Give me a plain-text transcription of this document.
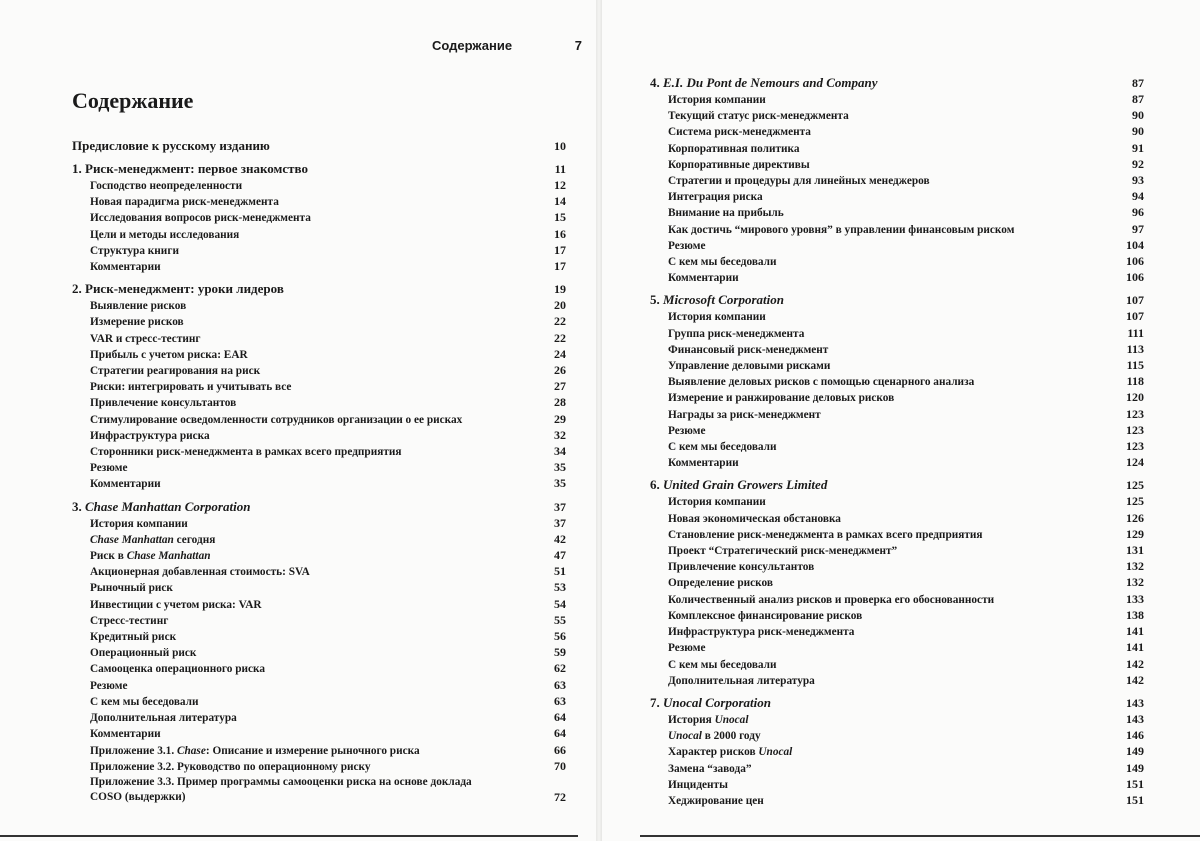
Содержание
Предисловие к русскому изданию	10
1. Риск-менеджмент: первое знакомство	11
Господство неопределенности	12
Новая парадигма риск-менеджмента	14
Исследования вопросов риск-менеджмента	15
Цели и методы исследования	16
Структура книги	17
Комментарии	17
2. Риск-менеджмент: уроки лидеров	19
Выявление рисков	20
Измерение рисков	22
VAR и стресс-тестинг	22
Прибыль с учетом риска: EAR	24
Стратегии реагирования на риск	26
Риски: интегрировать и учитывать все	27
Привлечение консультантов	28
Стимулирование осведомленности сотрудников организации о ее рисках	29
Инфраструктура риска	32
Сторонники риск-менеджмента в рамках всего предприятия	34
Резюме	35
Комментарии	35
3. Chase Manhattan Corporation	37
История компании	37
Chase Manhattan сегодня	42
Риск в Chase Manhattan	47
Акционерная добавленная стоимость: SVA	51
Рыночный риск	53
Инвестиции с учетом риска: VAR	54
Стресс-тестинг	55
Кредитный риск	56
Операционный риск	59
Самооценка операционного риска	62
Резюме	63
С кем мы беседовали	63
Дополнительная литература	64
Комментарии	64
Приложение 3.1. Chase: Описание и измерение рыночного риска	66
Приложение 3.2. Руководство по операционному риску	70
Приложение 3.3. Пример программы самооценки риска на основе доклада COSO (выдержки)	72
Содержание	7
4. E.I. Du Pont de Nemours and Company	87
История компании	87
Текущий статус риск-менеджмента	90
Система риск-менеджмента	90
Корпоративная политика	91
Корпоративные директивы	92
Стратегии и процедуры для линейных менеджеров	93
Интеграция риска	94
Внимание на прибыль	96
Как достичь “мирового уровня” в управлении финансовым риском	97
Резюме	104
С кем мы беседовали	106
Комментарии	106
5. Microsoft Corporation	107
История компании	107
Группа риск-менеджмента	111
Финансовый риск-менеджмент	113
Управление деловыми рисками	115
Выявление деловых рисков с помощью сценарного анализа	118
Измерение и ранжирование деловых рисков	120
Награды за риск-менеджмент	123
Резюме	123
С кем мы беседовали	123
Комментарии	124
6. United Grain Growers Limited	125
История компании	125
Новая экономическая обстановка	126
Становление риск-менеджмента в рамках всего предприятия	129
Проект “Стратегический риск-менеджмент”	131
Привлечение консультантов	132
Определение рисков	132
Количественный анализ рисков и проверка его обоснованности	133
Комплексное финансирование рисков	138
Инфраструктура риск-менеджмента	141
Резюме	141
С кем мы беседовали	142
Дополнительная литература	142
7. Unocal Corporation	143
История Unocal	143
Unocal в 2000 году	146
Характер рисков Unocal	149
Замена “завода”	149
Инциденты	151
Хеджирование цен	151
